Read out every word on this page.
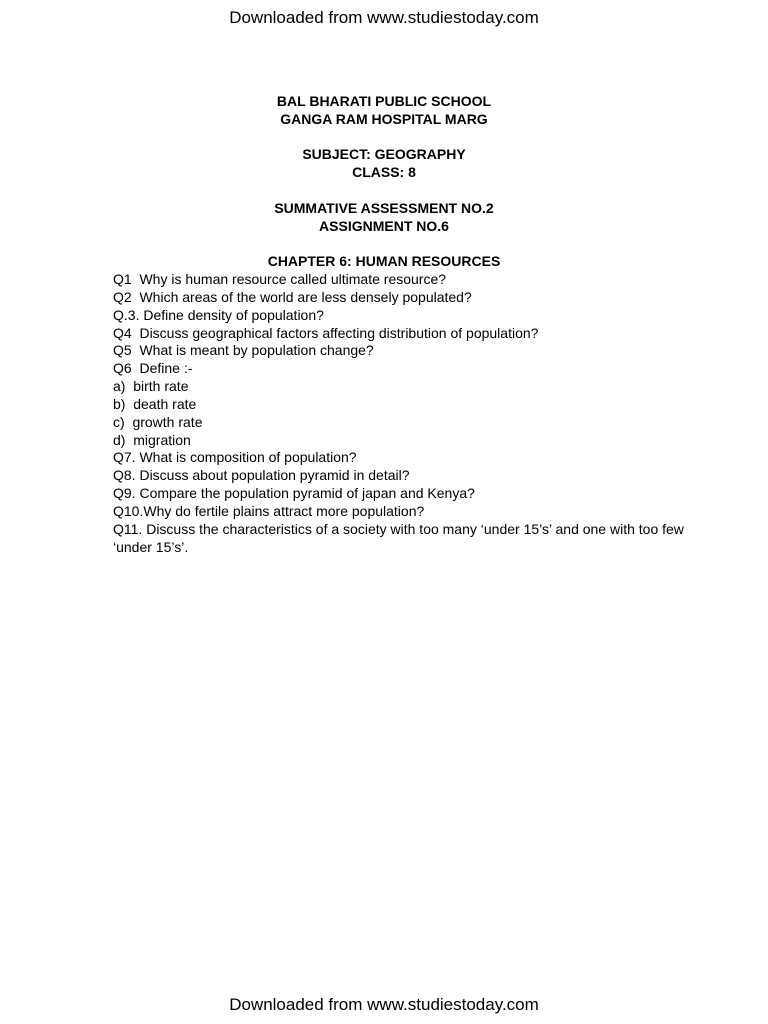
Downloaded from www.studiestoday.com
BAL BHARATI PUBLIC SCHOOL
GANGA RAM HOSPITAL MARG
SUBJECT: GEOGRAPHY
CLASS: 8
SUMMATIVE ASSESSMENT NO.2
ASSIGNMENT NO.6
CHAPTER 6: HUMAN RESOURCES
Q1  Why is human resource called ultimate resource?
Q2  Which areas of the world are less densely populated?
Q.3. Define density of population?
Q4  Discuss geographical factors affecting distribution of population?
Q5  What is meant by population change?
Q6  Define :-
a)  birth rate
b)  death rate
c)  growth rate
d)  migration
Q7. What is composition of population?
Q8. Discuss about population pyramid in detail?
Q9. Compare the population pyramid of japan and Kenya?
Q10.Why do fertile plains attract more population?
Q11. Discuss the characteristics of a society with too many ‘under 15’s’ and one with too few ‘under 15’s’.
Downloaded from www.studiestoday.com
